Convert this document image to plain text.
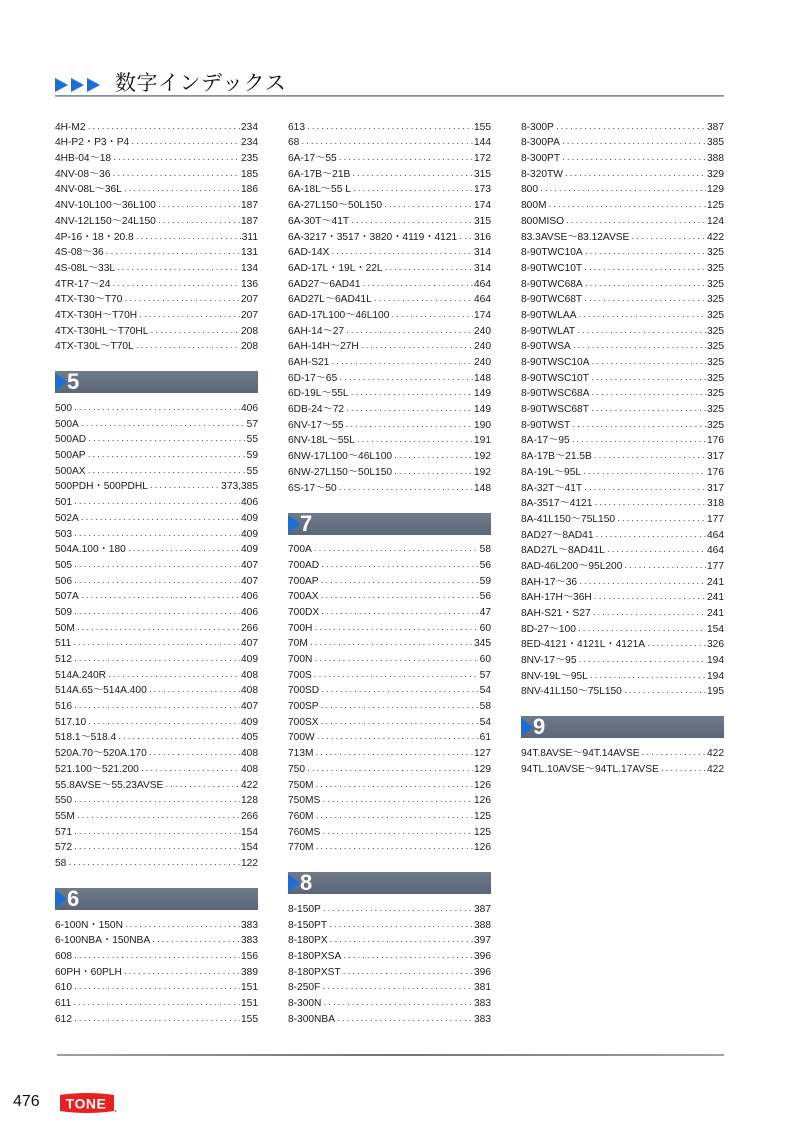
数字インデックス
4H-M2 ·····	234
4H-P2・P3・P4 ·····	234
4HB-04～18 ·····	235
4NV-08～36 ·····	185
4NV-08L～36L ·····	186
4NV-10L100～36L100 ·····	187
4NV-12L150～24L150 ·····	187
4P-16・18・20.8 ·····	311
4S-08～36 ·····	131
4S-08L～33L ·····	134
4TR-17～24 ·····	136
4TX-T30～T70 ·····	207
4TX-T30H～T70H ·····	207
4TX-T30HL～T70HL ·····	208
4TX-T30L～T70L ·····	208
5
500 ·····	406
500A ·····	57
500AD ·····	55
500AP ·····	59
500AX ·····	55
500PDH・500PDHL ·····	373,385
501 ·····	406
502A ·····	409
503 ·····	409
504A.100・180 ·····	409
505 ·····	407
506 ·····	407
507A ·····	406
509 ·····	406
50M ·····	266
511 ·····	407
512 ·····	409
514A.240R ·····	408
514A.65～514A.400 ·····	408
516 ·····	407
517.10 ·····	409
518.1～518.4 ·····	405
520A.70～520A.170 ·····	408
521.100～521.200 ·····	408
55.8AVSE～55.23AVSE ·····	422
550 ·····	128
55M ·····	266
571 ·····	154
572 ·····	154
58 ·····	122
6
6-100N・150N ·····	383
6-100NBA・150NBA ·····	383
608 ·····	156
60PH・60PLH ·····	389
610 ·····	151
611 ·····	151
612 ·····	155
613 ·····	155
68 ·····	144
6A-17～55 ·····	172
6A-17B～21B ·····	315
6A-18L～55 L ·····	173
6A-27L150～50L150 ·····	174
6A-30T～41T ·····	315
6A-3217・3517・3820・4119・4121 ····· 316
6AD-14X ·····	314
6AD-17L・19L・22L ·····	314
6AD27～6AD41 ·····	464
6AD27L～6AD41L ·····	464
6AD-17L100～46L100 ·····	174
6AH-14～27 ·····	240
6AH-14H～27H ·····	240
6AH-S21 ·····	240
6D-17～65 ·····	148
6D-19L～55L ·····	149
6DB-24～72 ·····	149
6NV-17～55 ·····	190
6NV-18L～55L ·····	191
6NW-17L100～46L100 ·····	192
6NW-27L150～50L150 ·····	192
6S-17～50 ·····	148
7
700A ·····	58
700AD ·····	56
700AP ·····	59
700AX ·····	56
700DX ·····	47
700H ·····	60
70M ·····	345
700N ·····	60
700S ·····	57
700SD ·····	54
700SP ·····	58
700SX ·····	54
700W ·····	61
713M ·····	127
750 ·····	129
750M ·····	126
750MS ·····	126
760M ·····	125
760MS ·····	125
770M ·····	126
8
8-150P ·····	387
8-150PT ·····	388
8-180PX ·····	397
8-180PXSA ·····	396
8-180PXST ·····	396
8-250F ·····	381
8-300N ·····	383
8-300NBA ·····	383
8-300P ·····	387
8-300PA ·····	385
8-300PT ·····	388
8-320TW ·····	329
800 ·····	129
800M ·····	125
800MISO ·····	124
83.3AVSE～83.12AVSE ·····	422
8-90TWC10A ·····	325
8-90TWC10T ·····	325
8-90TWC68A ·····	325
8-90TWC68T ·····	325
8-90TWLAA ·····	325
8-90TWLAT ·····	325
8-90TWSA ·····	325
8-90TWSC10A ·····	325
8-90TWSC10T ·····	325
8-90TWSC68A ·····	325
8-90TWSC68T ·····	325
8-90TWST ·····	325
8A-17～95 ·····	176
8A-17B～21.5B ·····	317
8A-19L～95L ·····	176
8A-32T～41T ·····	317
8A-3517～4121 ·····	318
8A-41L150～75L150 ·····	177
8AD27～8AD41 ·····	464
8AD27L～8AD41L ·····	464
8AD-46L200～95L200 ·····	177
8AH-17～36 ·····	241
8AH-17H～36H ·····	241
8AH-S21・S27 ·····	241
8D-27～100 ·····	154
8ED-4121・4121L・4121A ·····	326
8NV-17～95 ·····	194
8NV-19L～95L ·····	194
8NV-41L150～75L150 ·····	195
9
94T.8AVSE～94T.14AVSE ·····	422
94TL.10AVSE～94TL.17AVSE ·····	422
476 TONE
